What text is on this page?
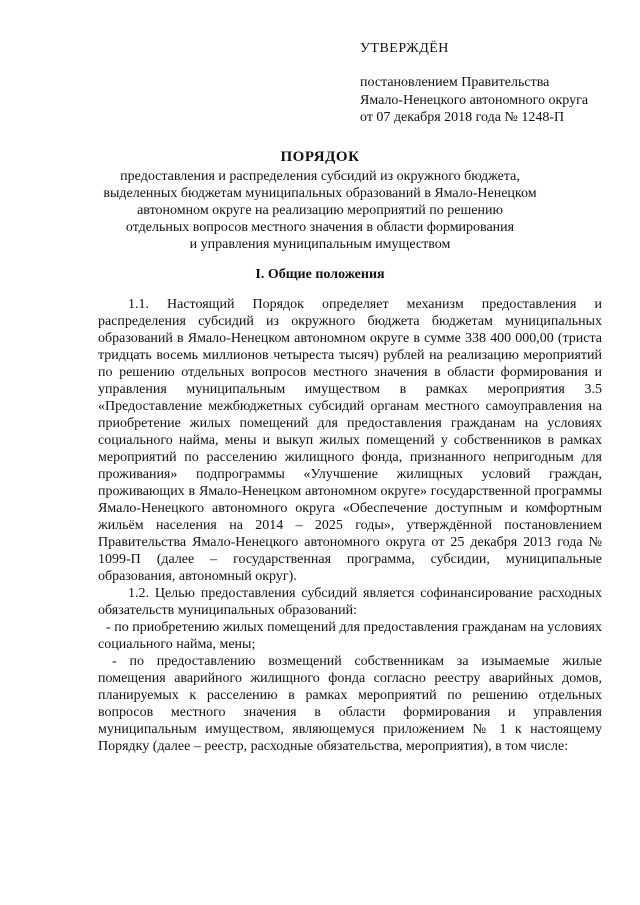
УТВЕРЖДЁН
постановлением Правительства
Ямало-Ненецкого автономного округа
от 07 декабря 2018 года № 1248-П
ПОРЯДОК
предоставления и распределения субсидий из окружного бюджета,
выделенных бюджетам муниципальных образований в Ямало-Ненецком
автономном округе на реализацию мероприятий по решению
отдельных вопросов местного значения в области формирования
и управления муниципальным имуществом
I. Общие положения

1.1. Настоящий Порядок определяет механизм предоставления и распределения субсидий из окружного бюджета бюджетам муниципальных образований в Ямало-Ненецком автономном округе в сумме 338 400 000,00 (триста тридцать восемь миллионов четыреста тысяч) рублей на реализацию мероприятий по решению отдельных вопросов местного значения в области формирования и управления муниципальным имуществом в рамках мероприятия 3.5 «Предоставление межбюджетных субсидий органам местного самоуправления на приобретение жилых помещений для предоставления гражданам на условиях социального найма, мены и выкуп жилых помещений у собственников в рамках мероприятий по расселению жилищного фонда, признанного непригодным для проживания» подпрограммы «Улучшение жилищных условий граждан, проживающих в Ямало-Ненецком автономном округе» государственной программы Ямало-Ненецкого автономного округа «Обеспечение доступным и комфортным жильём населения на 2014 – 2025 годы», утверждённой постановлением Правительства Ямало-Ненецкого автономного округа от 25 декабря 2013 года № 1099-П (далее – государственная программа, субсидии, муниципальные образования, автономный округ).

1.2. Целью предоставления субсидий является софинансирование расходных обязательств муниципальных образований:

- по приобретению жилых помещений для предоставления гражданам на условиях социального найма, мены;

- по предоставлению возмещений собственникам за изымаемые жилые помещения аварийного жилищного фонда согласно реестру аварийных домов, планируемых к расселению в рамках мероприятий по решению отдельных вопросов местного значения в области формирования и управления муниципальным имуществом, являющемуся приложением № 1 к настоящему Порядку (далее – реестр, расходные обязательства, мероприятия), в том числе:
